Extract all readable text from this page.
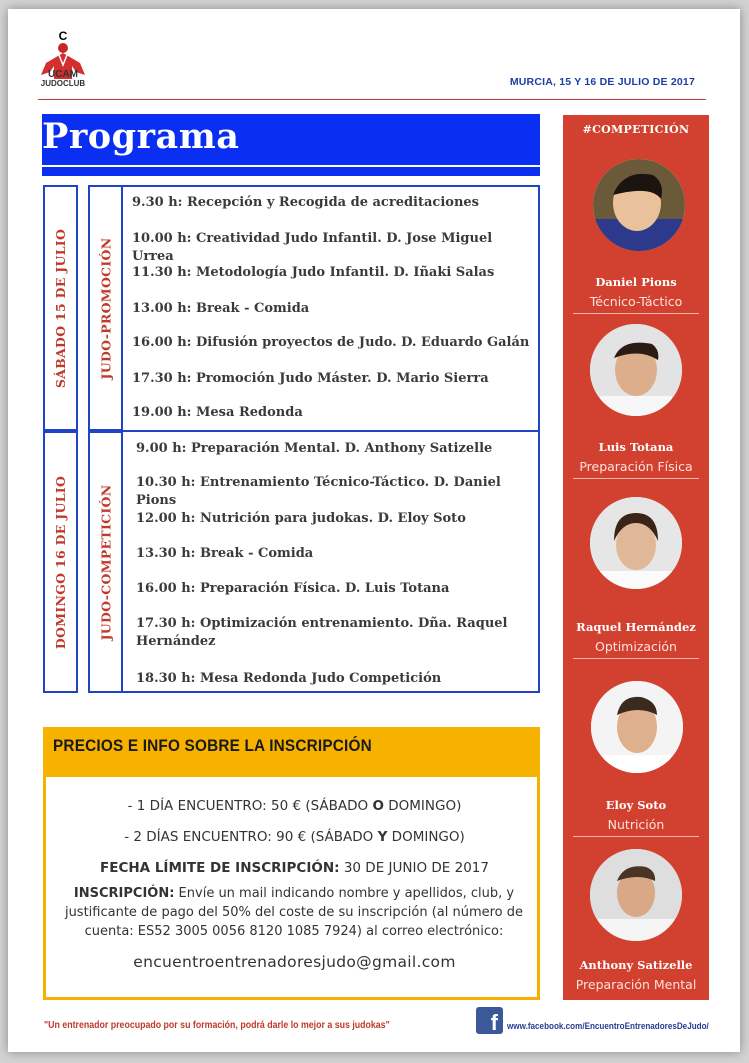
C
UCAM
JUDOCLUB	MURCIA, 15 Y 16 DE JULIO DE 2017
Programa
SÁBADO 15 DE JULIO JUDO-PROMOCIÓN
9.30 h: Recepción y Recogida de acreditaciones
10.00 h: Creatividad Judo Infantil. D. Jose Miguel Urrea
11.30 h: Metodología Judo Infantil. D. Iñaki Salas
13.00 h: Break - Comida
16.00 h: Difusión proyectos de Judo. D. Eduardo Galán
17.30 h: Promoción Judo Máster. D. Mario Sierra
19.00 h: Mesa Redonda
DOMINGO 16 DE JULIO JUDO-COMPETICIÓN
9.00 h: Preparación Mental. D. Anthony Satizelle
10.30 h: Entrenamiento Técnico-Táctico. D. Daniel Pions
12.00 h: Nutrición para judokas. D. Eloy Soto
13.30 h: Break - Comida
16.00 h: Preparación Física. D. Luis Totana
17.30 h: Optimización entrenamiento. Dña. Raquel Hernández
18.30 h: Mesa Redonda Judo Competición
PRECIOS E INFO SOBRE LA INSCRIPCIÓN
- 1 DÍA ENCUENTRO: 50 € (SÁBADO O DOMINGO)
- 2 DÍAS ENCUENTRO: 90 € (SÁBADO Y DOMINGO)
FECHA LÍMITE DE INSCRIPCIÓN: 30 DE JUNIO DE 2017
INSCRIPCIÓN: Envíe un mail indicando nombre y apellidos, club, y justificante de pago del 50% del coste de su inscripción (al número de cuenta: ES52 3005 0056 8120 1085 7924) al correo electrónico:
encuentroentrenadoresjudo@gmail.com
#COMPETICIÓN
Daniel Pions
Técnico-Táctico
Luis Totana
Preparación Física
Raquel Hernández
Optimización
Eloy Soto
Nutrición
Anthony Satizelle
Preparación Mental
"Un entrenador preocupado por su formación, podrá darle lo mejor a sus judokas"	f	www.facebook.com/EncuentroEntrenadoresDeJudo/
